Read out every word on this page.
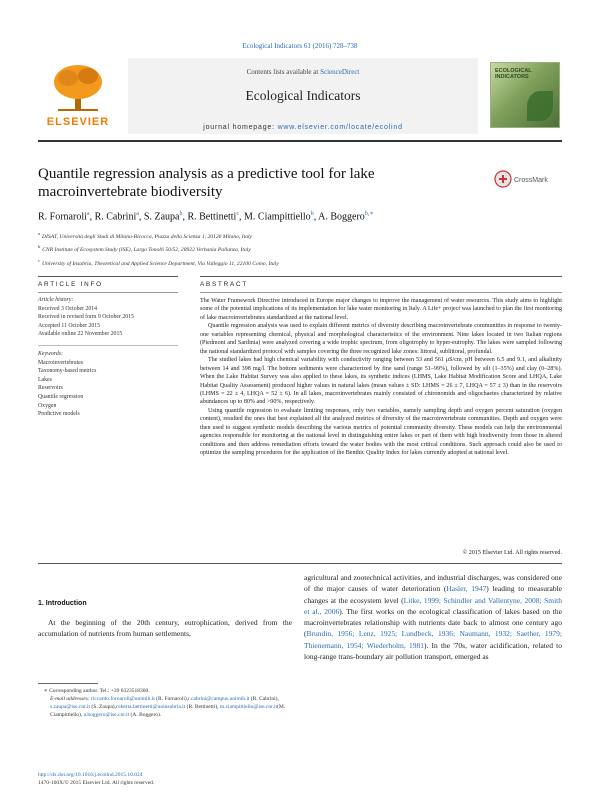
Ecological Indicators 61 (2016) 728–738
ELSEVIER
Contents lists available at ScienceDirect
Ecological Indicators
journal homepage: www.elsevier.com/locate/ecolind
ECOLOGICAL INDICATORS
Quantile regression analysis as a predictive tool for lake macroinvertebrate biodiversity
CrossMark
R. Fornaroli$^a$, R. Cabrini$^a$, S. Zaupa$^b$, R. Bettinetti$^c$, M. Ciampittiello$^b$, A. Boggero$^{b,∗}$
$^a$DISAT, Università degli Studi di Milano-Bicocca, Piazza della Scienza 1, 20126 Milano, Italy
$^b$CNR Institute of Ecosystem Study (ISE), Largo Tonolli 50/52, 28922 Verbania Pallanza, Italy
$^c$University of Insubria, Theoretical and Applied Science Department, Via Valleggio 11, 22100 Como, Italy
ARTICLE INFO	ABSTRACT
Article history:
Received 3 October 2014
Received in revised form 9 October 2015
Accepted 11 October 2015
Available online 22 November 2015
Keywords:
Macroinvertebrates
Taxonomy-based metrics
Lakes
Reservoirs
Quantile regression
Oxygen
Predictive models

The Water Framework Directive introduced in Europe major changes to improve the management of water resources. This study aims to highlight some of the potential implications of its implementation for lake water monitoring in Italy. A Life+ project was launched to plan the first monitoring of lake macroinvertebrates standardized at the national level.

Quantile regression analysis was used to explain different metrics of diversity describing macroinvertebrate communities in response to twenty-one variables representing chemical, physical and morphological characteristics of the environment. Nine lakes located in two Italian regions (Piedmont and Sardinia) were analyzed covering a wide trophic spectrum, from oligotrophy to hyper-eutrophy. The lakes were sampled following the national standardized protocol with samples covering the three recognized lake zones: littoral, sublittoral, profundal.

The studied lakes had high chemical variability with conductivity ranging between 53 and 561 μS/cm, pH between 6.5 and 9.1, and alkalinity between 14 and 398 mg/l. The bottom sediments were characterized by fine sand (range 51–99%), followed by silt (1–35%) and clay (0–28%). When the Lake Habitat Survey was also applied to these lakes, its synthetic indices (LHMS, Lake Habitat Modification Score and LHQA, Lake Habitat Quality Assessment) produced higher values in natural lakes (mean values ± SD: LHMS = 26 ± 7, LHQA = 57 ± 3) than in the reservoirs (LHMS = 22 ± 4, LHQA = 52 ± 6). In all lakes, macroinvertebrates mainly consisted of chironomids and oligochaetes characterized by relative abundances up to 80% and >90%, respectively.

Using quantile regression to evaluate limiting responses, only two variables, namely sampling depth and oxygen percent saturation (oxygen content), resulted the ones that best explained all the analyzed metrics of diversity of the macroinvertebrate communities. Depth and oxygen were then used to suggest synthetic models describing the various metrics of potential community diversity. These models can help the environmental agencies responsible for monitoring at the national level in distinguishing entire lakes or part of them with high biodiversity from those in altered conditions and then address remediation efforts toward the water bodies with the most critical conditions. Such approach could also be used to optimize the sampling procedures for the application of the Benthic Quality Index for lakes currently adopted at national level.

© 2015 Elsevier Ltd. All rights reserved.
1. Introduction
At the beginning of the 20th century, eutrophication, derived from the accumulation of nutrients from human settlements,
agricultural and zootechnical activities, and industrial discharges, was considered one of the major causes of water deterioration (Hasler, 1947) leading to measurable changes at the ecosystem level (Litke, 1999; Schindler and Vallentyne, 2008; Smith et al., 2006). The first works on the ecological classification of lakes based on the macroinvertebrates relationship with nutrients date back to almost one century ago (Brundin, 1956; Lenz, 1925; Lundbeck, 1936; Naumann, 1932; Saether, 1979; Thienemann, 1954; Wiederholm, 1981). In the '70s, water acidification, related to long-range trans-boundary air pollution transport, emerged as
∗ Corresponding author. Tel.: +39 0323518300.
E-mail addresses: riccardo.fornaroli@unimib.it (R. Fornaroli),r.cabrini@campus.unimib.it (R. Cabrini), s.zaupa@ise.cnr.it (S. Zaupa),roberta.bettinetti@uninsubria.it (R. Bettinetti), m.ciampittiello@ise.cnr.it(M. Ciampittiello), a.boggero@ise.cnr.it (A. Boggero).
http://dx.doi.org/10.1016/j.ecolind.2015.10.024
1470-160X/© 2015 Elsevier Ltd. All rights reserved.
